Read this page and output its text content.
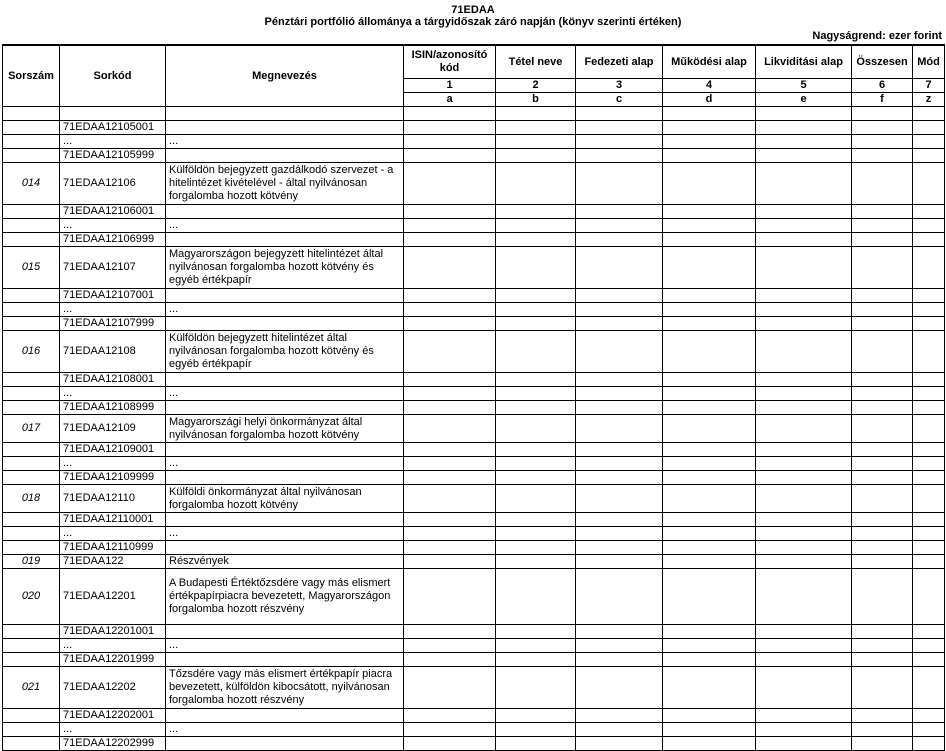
71EDAA
Pénztári portfólió állománya a tárgyidőszak záró napján (könyv szerinti értéken)
Nagyságrend: ezer forint
Sorszám	Sorkód	Megnevezés	ISIN/azonosító kód	Tétel neve	Fedezeti alap	Működési alap	Likviditási alap	Összesen	Mód
			1	2	3	4	5	6	7
			a	b	c	d	e	f	z

	71EDAA12105001								
	...	...							
	71EDAA12105999								
014	71EDAA12106	Külföldön bejegyzett gazdálkodó szervezet - a hitelintézet kivételével - által nyilvánosan forgalomba hozott kötvény							
	71EDAA12106001								
	...	...							
	71EDAA12106999								
015	71EDAA12107	Magyarországon bejegyzett hitelintézet által nyilvánosan forgalomba hozott kötvény és egyéb értékpapír							
	71EDAA12107001								
	...	...							
	71EDAA12107999								
016	71EDAA12108	Külföldön bejegyzett hitelintézet által nyilvánosan forgalomba hozott kötvény és egyéb értékpapír							
	71EDAA12108001								
	...	...							
	71EDAA12108999								
017	71EDAA12109	Magyarországi helyi önkormányzat által nyilvánosan forgalomba hozott kötvény							
	71EDAA12109001								
	...	...							
	71EDAA12109999								
018	71EDAA12110	Külföldi önkormányzat által nyilvánosan forgalomba hozott kötvény							
	71EDAA12110001								
	...	...							
	71EDAA12110999								
019	71EDAA122	Részvények							
020	71EDAA12201	A Budapesti Értéktőzsdére vagy más elismert értékpapírpiacra bevezetett, Magyarországon forgalomba hozott részvény							
	71EDAA12201001								
	...	...							
	71EDAA12201999								
021	71EDAA12202	Tőzsdére vagy más elismert értékpapír piacra bevezetett, külföldön kibocsátott, nyilvánosan forgalomba hozott részvény							
	71EDAA12202001								
	...	...							
	71EDAA12202999								
